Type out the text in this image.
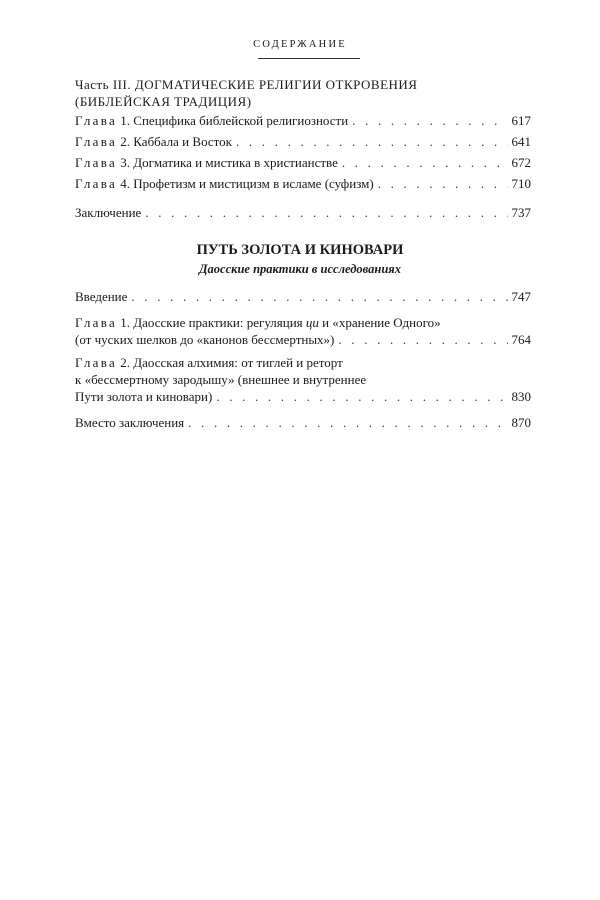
СОДЕРЖАНИЕ
Часть III. ДОГМАТИЧЕСКИЕ РЕЛИГИИ ОТКРОВЕНИЯ
(БИБЛЕЙСКАЯ ТРАДИЦИЯ)
Глава 1. Специфика библейской религиозности . . .	617
Глава 2. Каббала и Восток . . .	641
Глава 3. Догматика и мистика в христианстве . . .	672
Глава 4. Профетизм и мистицизм в исламе (суфизм) . . .	710
Заключение . . .	737
ПУТЬ ЗОЛОТА И КИНОВАРИ
Даосские практики в исследованиях
Введение . . .	747
Глава 1. Даосские практики: регуляция ци и «хранение Одного»
(от чуских шелков до «канонов бессмертных») . . .	764
Глава 2. Даосская алхимия: от тиглей и реторт
к «бессмертному зародышу» (внешнее и внутреннее
Пути золота и киновари) . . .	830
Вместо заключения . . .	870
